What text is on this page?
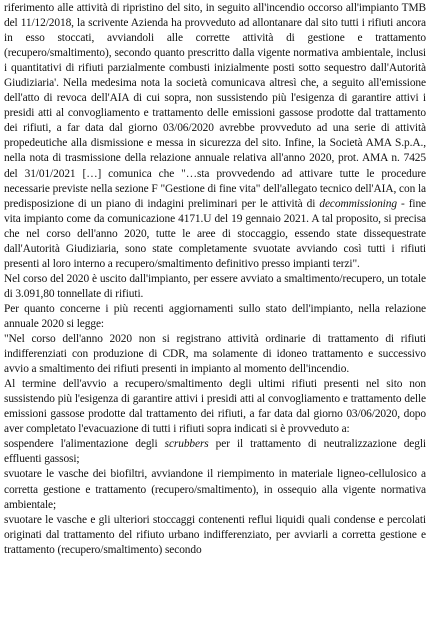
riferimento alle attività di ripristino del sito, in seguito all'incendio occorso all'impianto TMB del 11/12/2018, la scrivente Azienda ha provveduto ad allontanare dal sito tutti i rifiuti ancora in esso stoccati, avviandoli alle corrette attività di gestione e trattamento (recupero/smaltimento), secondo quanto prescritto dalla vigente normativa ambientale, inclusi i quantitativi di rifiuti parzialmente combusti inizialmente posti sotto sequestro dall'Autorità Giudiziaria'. Nella medesima nota la società comunicava altresì che, a seguito all'emissione dell'atto di revoca dell'AIA di cui sopra, non sussistendo più l'esigenza di garantire attivi i presidi atti al convogliamento e trattamento delle emissioni gassose prodotte dal trattamento dei rifiuti, a far data dal giorno 03/06/2020 avrebbe provveduto ad una serie di attività propedeutiche alla dismissione e messa in sicurezza del sito. Infine, la Società AMA S.p.A., nella nota di trasmissione della relazione annuale relativa all'anno 2020, prot. AMA n. 7425 del 31/01/2021 […] comunica che "…sta provvedendo ad attivare tutte le procedure necessarie previste nella sezione F "Gestione di fine vita" dell'allegato tecnico dell'AIA, con la predisposizione di un piano di indagini preliminari per le attività di decommissioning - fine vita impianto come da comunicazione 4171.U del 19 gennaio 2021. A tal proposito, si precisa che nel corso dell'anno 2020, tutte le aree di stoccaggio, essendo state dissequestrate dall'Autorità Giudiziaria, sono state completamente svuotate avviando così tutti i rifiuti presenti al loro interno a recupero/smaltimento definitivo presso impianti terzi".

Nel corso del 2020 è uscito dall'impianto, per essere avviato a smaltimento/recupero, un totale di 3.091,80 tonnellate di rifiuti.

Per quanto concerne i più recenti aggiornamenti sullo stato dell'impianto, nella relazione annuale 2020 si legge:

"Nel corso dell'anno 2020 non si registrano attività ordinarie di trattamento di rifiuti indifferenziati con produzione di CDR, ma solamente di idoneo trattamento e successivo avvio a smaltimento dei rifiuti presenti in impianto al momento dell'incendio.

Al termine dell'avvio a recupero/smaltimento degli ultimi rifiuti presenti nel sito non sussistendo più l'esigenza di garantire attivi i presidi atti al convogliamento e trattamento delle emissioni gassose prodotte dal trattamento dei rifiuti, a far data dal giorno 03/06/2020, dopo aver completato l'evacuazione di tutti i rifiuti sopra indicati si è provveduto a:

sospendere l'alimentazione degli scrubbers per il trattamento di neutralizzazione degli effluenti gassosi;

svuotare le vasche dei biofiltri, avviandone il riempimento in materiale ligneo-cellulosico a corretta gestione e trattamento (recupero/smaltimento), in ossequio alla vigente normativa ambientale;

svuotare le vasche e gli ulteriori stoccaggi contenenti reflui liquidi quali condense e percolati originati dal trattamento del rifiuto urbano indifferenziato, per avviarli a corretta gestione e trattamento (recupero/smaltimento) secondo
